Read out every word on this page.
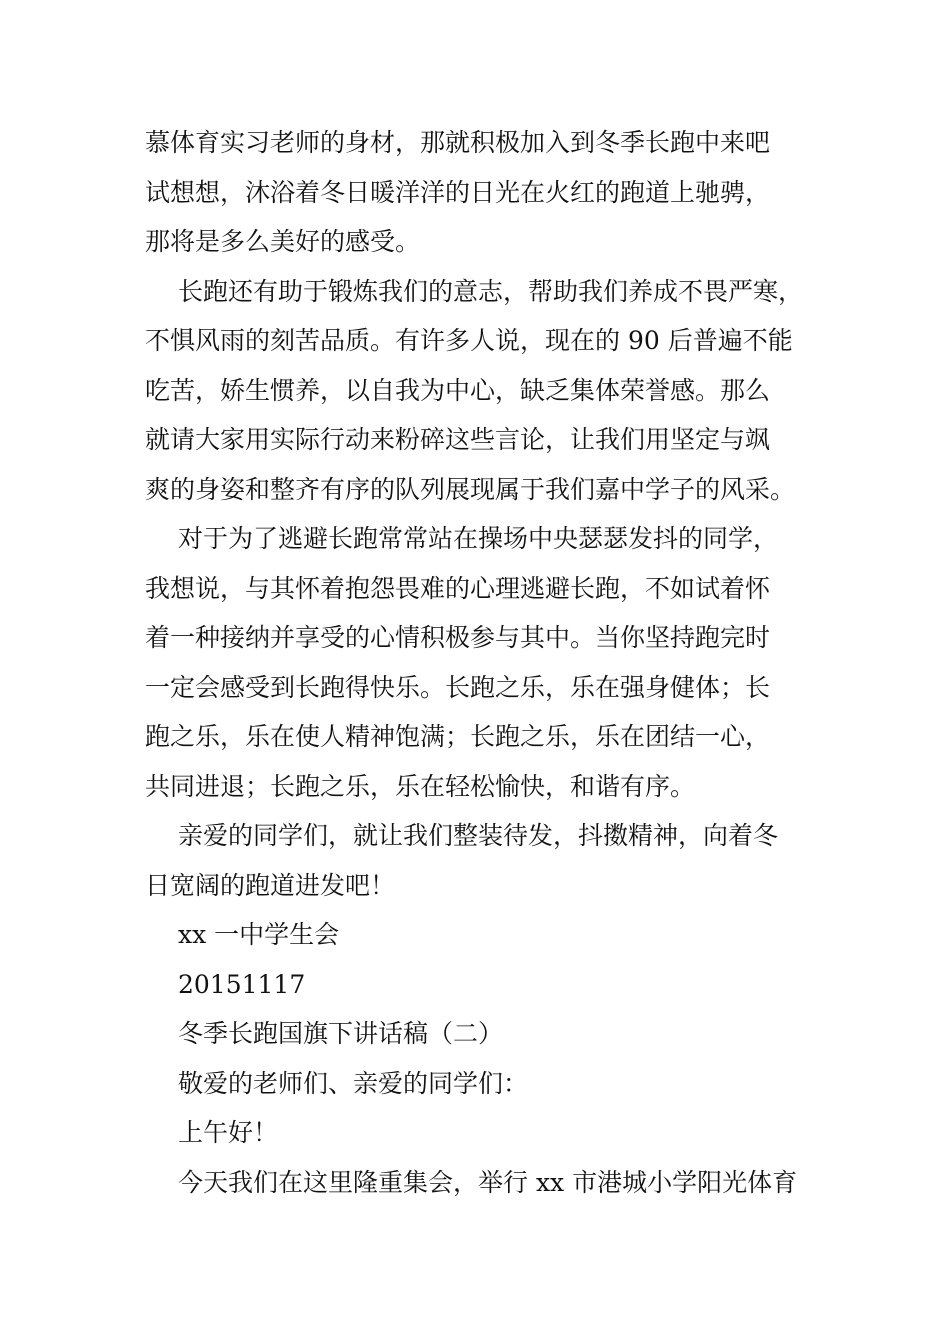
慕体育实习老师的身材，那就积极加入到冬季长跑中来吧
试想想，沐浴着冬日暖洋洋的日光在火红的跑道上驰骋，
那将是多么美好的感受。
长跑还有助于锻炼我们的意志，帮助我们养成不畏严寒，
不惧风雨的刻苦品质。有许多人说，现在的 90 后普遍不能
吃苦，娇生惯养，以自我为中心，缺乏集体荣誉感。那么
就请大家用实际行动来粉碎这些言论，让我们用坚定与飒
爽的身姿和整齐有序的队列展现属于我们嘉中学子的风采。
对于为了逃避长跑常常站在操场中央瑟瑟发抖的同学，
我想说，与其怀着抱怨畏难的心理逃避长跑，不如试着怀
着一种接纳并享受的心情积极参与其中。当你坚持跑完时
一定会感受到长跑得快乐。长跑之乐，乐在强身健体；长
跑之乐，乐在使人精神饱满；长跑之乐，乐在团结一心，
共同进退；长跑之乐，乐在轻松愉快，和谐有序。
亲爱的同学们，就让我们整装待发，抖擞精神，向着冬
日宽阔的跑道进发吧！
xx 一中学生会
20151117
冬季长跑国旗下讲话稿（二）
敬爱的老师们、亲爱的同学们：
上午好！
今天我们在这里隆重集会，举行 xx 市港城小学阳光体育
